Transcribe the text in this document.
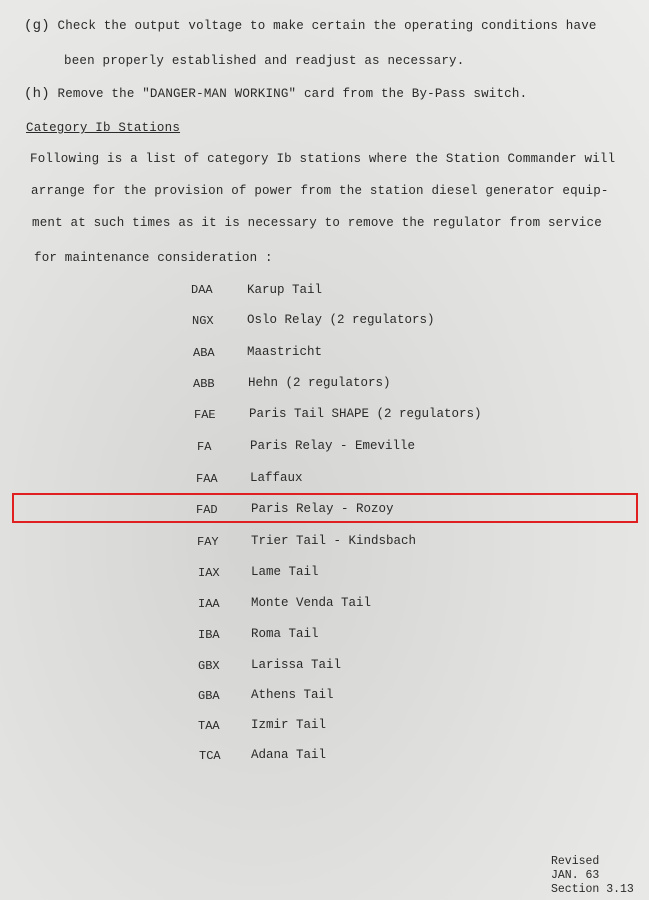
(g) Check the output voltage to make certain the operating conditions have
been properly established and readjust as necessary.
(h) Remove the "DANGER-MAN WORKING" card from the By-Pass switch.
Category Ib Stations
Following is a list of category Ib stations where the Station Commander will
arrange for the provision of power from the station diesel generator equip-
ment at such times as it is necessary to remove the regulator from service
for maintenance consideration :
DAA	Karup Tail
NGX	Oslo Relay (2 regulators)
ABA	Maastricht
ABB	Hehn (2 regulators)
FAE	Paris Tail SHAPE (2 regulators)
FA	Paris Relay - Emeville
FAA	Laffaux
FAD	Paris Relay - Rozoy
FAY	Trier Tail - Kindsbach
IAX	Lame Tail
IAA	Monte Venda Tail
IBA	Roma Tail
GBX	Larissa Tail
GBA	Athens Tail
TAA	Izmir Tail
TCA Adana Tail
Revised
JAN. 63
Section 3.13
